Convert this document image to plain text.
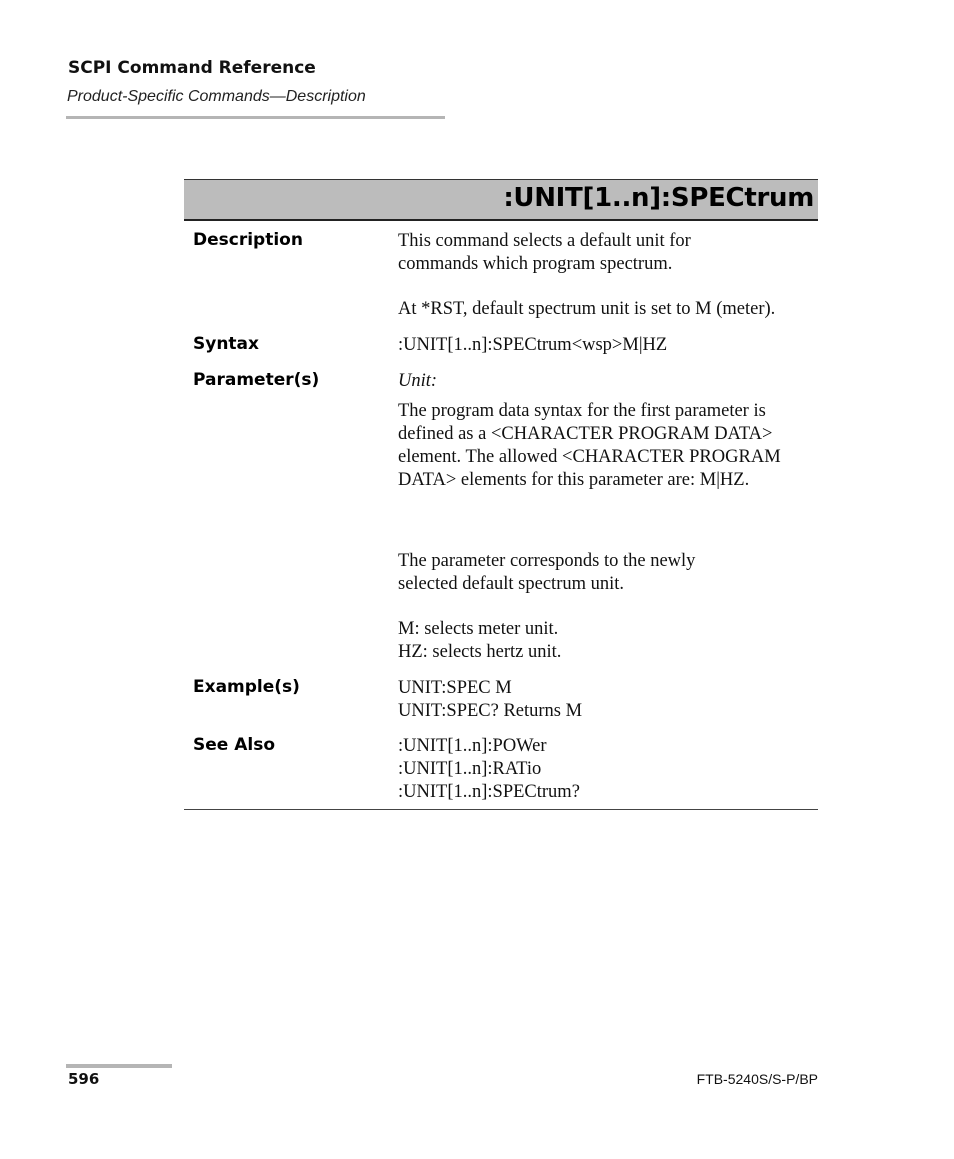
SCPI Command Reference
Product-Specific Commands—Description
:UNIT[1..n]:SPECtrum
Description	This command selects a default unit for
commands which program spectrum.
At *RST, default spectrum unit is set to M (meter).
Syntax	:UNIT[1..n]:SPECtrum<wsp>M|HZ
Parameter(s)	Unit:
The program data syntax for the first parameter is
defined as a <CHARACTER PROGRAM DATA>
element. The allowed <CHARACTER PROGRAM
DATA> elements for this parameter are: M|HZ.
The parameter corresponds to the newly
selected default spectrum unit.
M: selects meter unit.
HZ: selects hertz unit.
Example(s)	UNIT:SPEC M
UNIT:SPEC? Returns M
See Also	:UNIT[1..n]:POWer
:UNIT[1..n]:RATio
:UNIT[1..n]:SPECtrum?
596	FTB-5240S/S-P/BP
